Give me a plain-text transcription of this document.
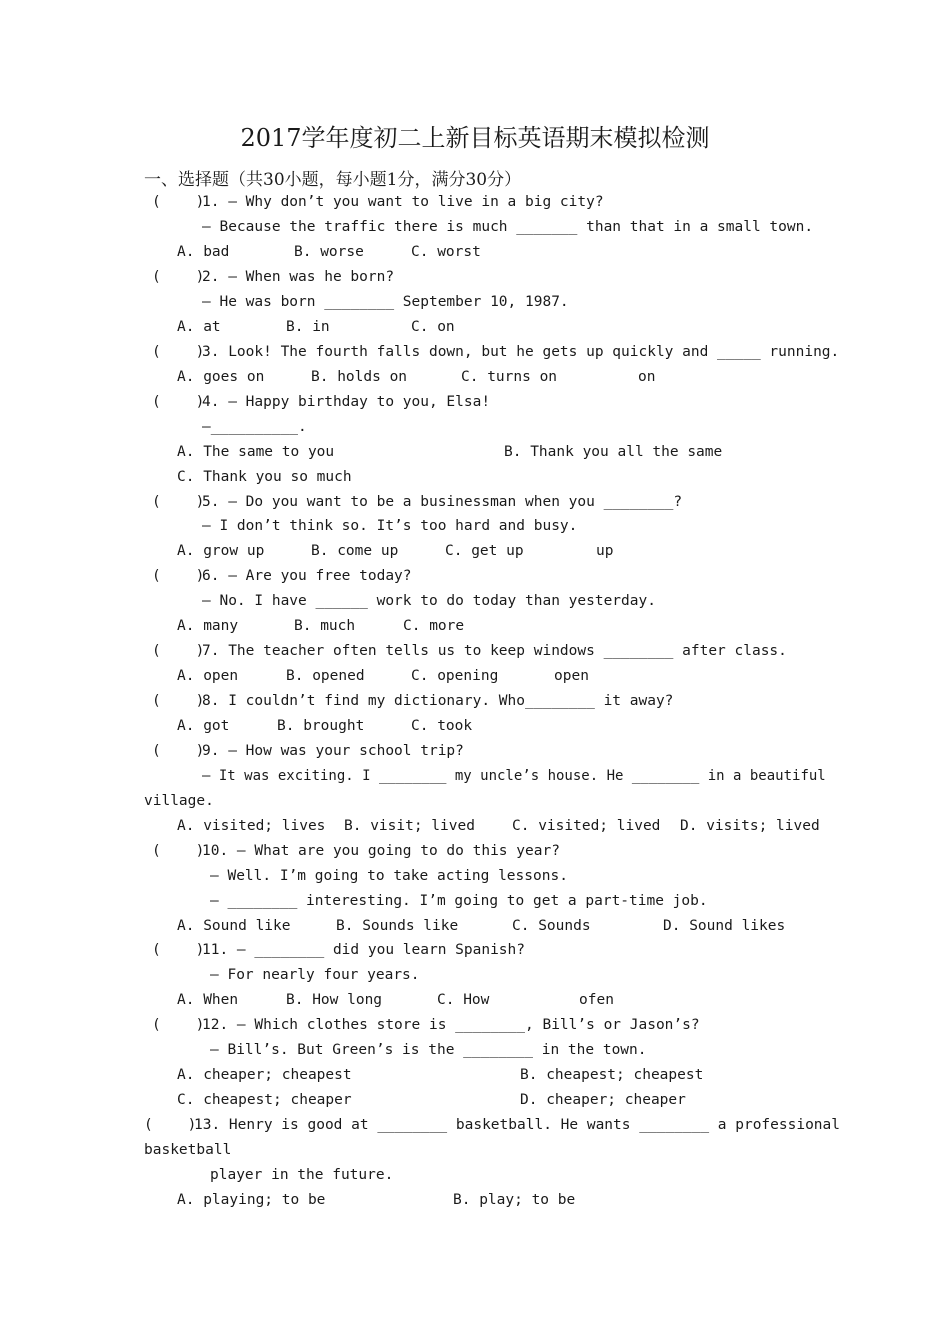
2017学年度初二上新目标英语期末模拟检测
一、选择题（共30小题，每小题1分，满分30分）
(    )
1. — Why don’t you want to live in a big city?
— Because the traffic there is much _______ than that in a small town.
A. bad	B. worse	C. worst
(    )
2. — When was he born?
— He was born ________ September 10, 1987.
A. at	B. in	C. on
(    )
3. Look! The fourth falls down, but he gets up quickly and _____ running.
A. goes on	B. holds on	C. turns on	on
(    )
4. — Happy birthday to you, Elsa!
—__________.
A. The same to you	B. Thank you all the same
C. Thank you so much
(    )
5. — Do you want to be a businessman when you ________?
— I don’t think so. It’s too hard and busy.
A. grow up	B. come up	C. get up	up
(    )
6. — Are you free today?
— No. I have ______ work to do today than yesterday.
A. many	B. much	C. more
(    )
7. The teacher often tells us to keep windows ________ after class.
A. open	B. opened	C. opening	open
(    )
8. I couldn’t find my dictionary. Who________ it away?
A. got	B. brought	C. took
(    )
9. — How was your school trip?
— It was exciting. I ________ my uncle’s house. He ________ in a beautiful
village.
A. visited; lives B. visit; lived	C. visited; lived D. visits; lived
(    )
10. — What are you going to do this year?
— Well. I’m going to take acting lessons.
— ________ interesting. I’m going to get a part-time job.
A. Sound like	B. Sounds like	C. Sounds	D. Sound likes
(    )
11. — ________ did you learn Spanish?
— For nearly four years.
A. When	B. How long	C. How	ofen
(    )
12. — Which clothes store is ________, Bill’s or Jason’s?
— Bill’s. But Green’s is the ________ in the town.
A. cheaper; cheapest	B. cheapest; cheapest
C. cheapest; cheaper	D. cheaper; cheaper
(    )
13. Henry is good at ________ basketball. He wants ________ a professional
basketball
player in the future.
A. playing; to be	B. play; to be
